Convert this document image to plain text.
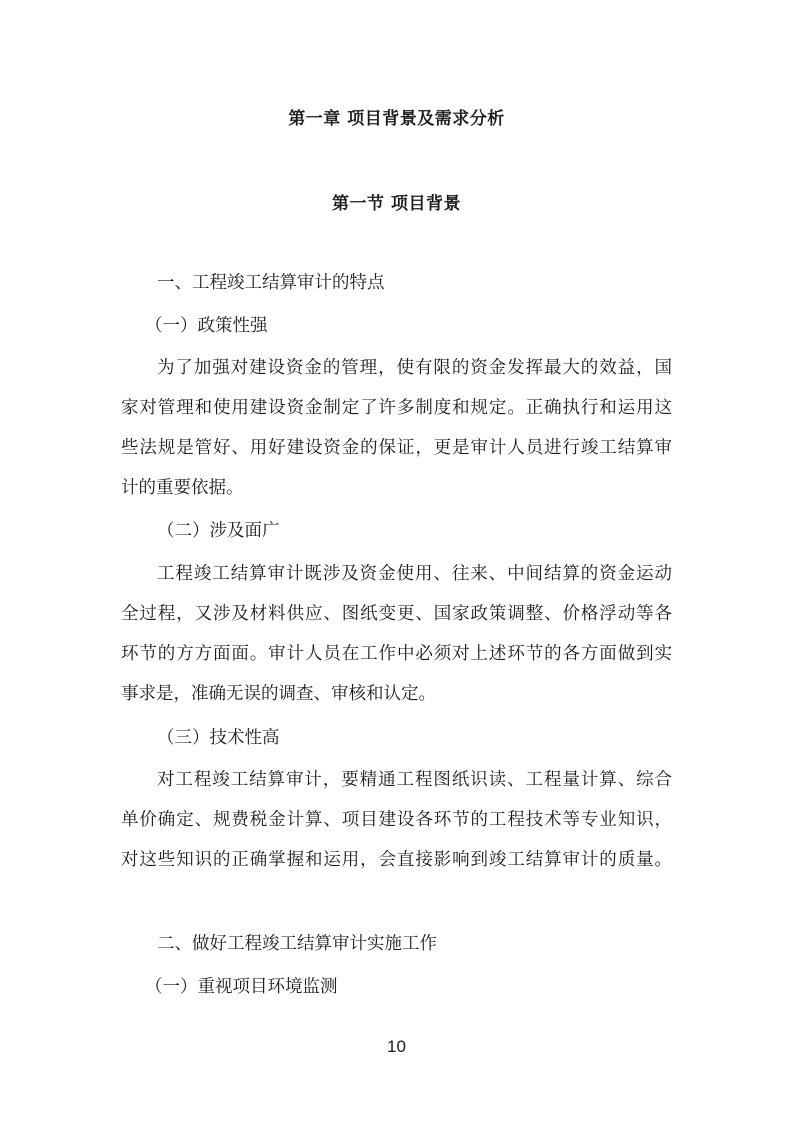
第一章 项目背景及需求分析
第一节 项目背景
一、工程竣工结算审计的特点
（一）政策性强
为了加强对建设资金的管理，使有限的资金发挥最大的效益，国
家对管理和使用建设资金制定了许多制度和规定。正确执行和运用这
些法规是管好、用好建设资金的保证，更是审计人员进行竣工结算审
计的重要依据。
（二）涉及面广
工程竣工结算审计既涉及资金使用、往来、中间结算的资金运动
全过程，又涉及材料供应、图纸变更、国家政策调整、价格浮动等各
环节的方方面面。审计人员在工作中必须对上述环节的各方面做到实
事求是，准确无误的调查、审核和认定。
（三）技术性高
对工程竣工结算审计，要精通工程图纸识读、工程量计算、综合
单价确定、规费税金计算、项目建设各环节的工程技术等专业知识，
对这些知识的正确掌握和运用，会直接影响到竣工结算审计的质量。
二、做好工程竣工结算审计实施工作
（一）重视项目环境监测
10
